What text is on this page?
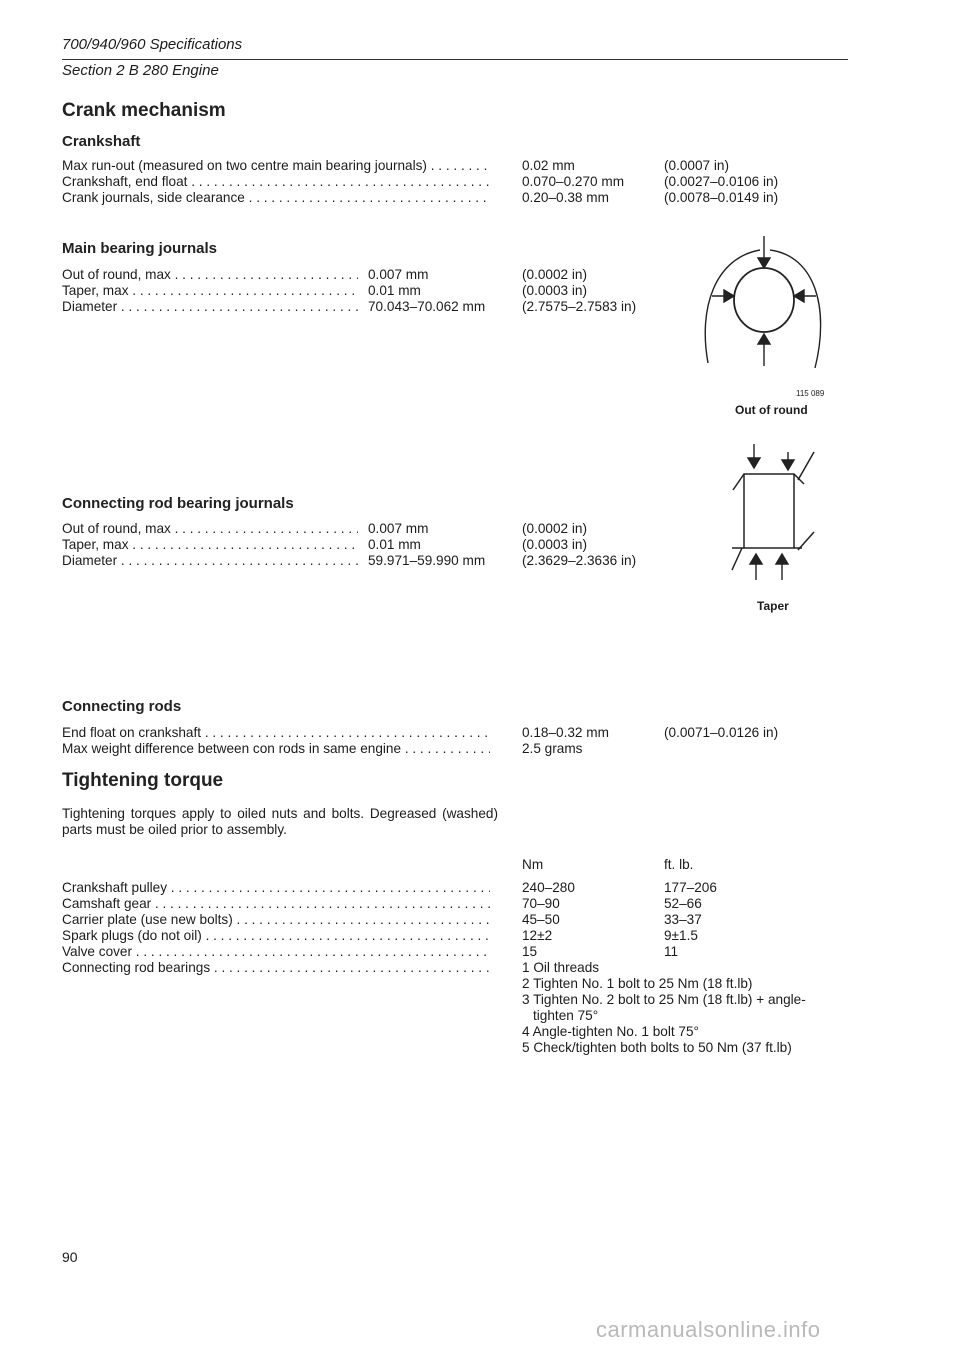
700/940/960 Specifications
Section 2 B 280 Engine
Crank mechanism
Crankshaft
Max run-out (measured on two centre main bearing journals) . . .	0.02 mm	(0.0007 in)
Crankshaft, end float . . .	0.070–0.270 mm	(0.0027–0.0106 in)
Crank journals, side clearance . . .	0.20–0.38 mm	(0.0078–0.0149 in)
Main bearing journals
Out of round, max . . .	0.007 mm	(0.0002 in)
Taper, max . . .	0.01 mm	(0.0003 in)
Diameter . . .	70.043–70.062 mm	(2.7575–2.7583 in)
115 089
Out of round
Taper
Connecting rod bearing journals
Out of round, max . . .	0.007 mm	(0.0002 in)
Taper, max . . .	0.01 mm	(0.0003 in)
Diameter . . .	59.971–59.990 mm	(2.3629–2.3636 in)
Connecting rods
End float on crankshaft . . .	0.18–0.32 mm	(0.0071–0.0126 in)
Max weight difference between con rods in same engine . . .	2.5 grams
Tightening torque
Tightening torques apply to oiled nuts and bolts. Degreased (washed) parts must be oiled prior to assembly.
Nm	ft. lb.
Crankshaft pulley . . .	240–280	177–206
Camshaft gear . . .	70–90	52–66
Carrier plate (use new bolts) . . .	45–50	33–37
Spark plugs (do not oil) . . .	12±2	9±1.5
Valve cover . . .	15	11
Connecting rod bearings . . .	1 Oil threads
2 Tighten No. 1 bolt to 25 Nm (18 ft.lb)
3 Tighten No. 2 bolt to 25 Nm (18 ft.lb) + angle-
tighten 75°
4 Angle-tighten No. 1 bolt 75°
5 Check/tighten both bolts to 50 Nm (37 ft.lb)
90
carmanualsonline.info
